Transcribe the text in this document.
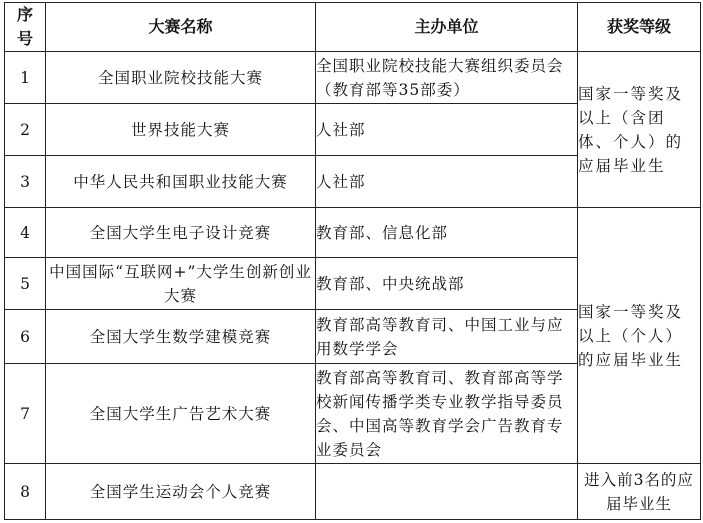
序号	大赛名称	主办单位	获奖等级
1	全国职业院校技能大赛	全国职业院校技能大赛组织委员会（教育部等35部委）	国家一等奖及以上（含团体、个人）的应届毕业生
2	世界技能大赛	人社部	
3	中华人民共和国职业技能大赛	人社部	
4	全国大学生电子设计竞赛	教育部、信息化部	国家一等奖及以上（个人）的应届毕业生
5	中国国际“互联网+”大学生创新创业大赛	教育部、中央统战部	
6	全国大学生数学建模竞赛	教育部高等教育司、中国工业与应用数学学会	
7	全国大学生广告艺术大赛	教育部高等教育司、教育部高等学校新闻传播学类专业教学指导委员会、中国高等教育学会广告教育专业委员会	
8	全国学生运动会个人竞赛		进入前3名的应届毕业生
